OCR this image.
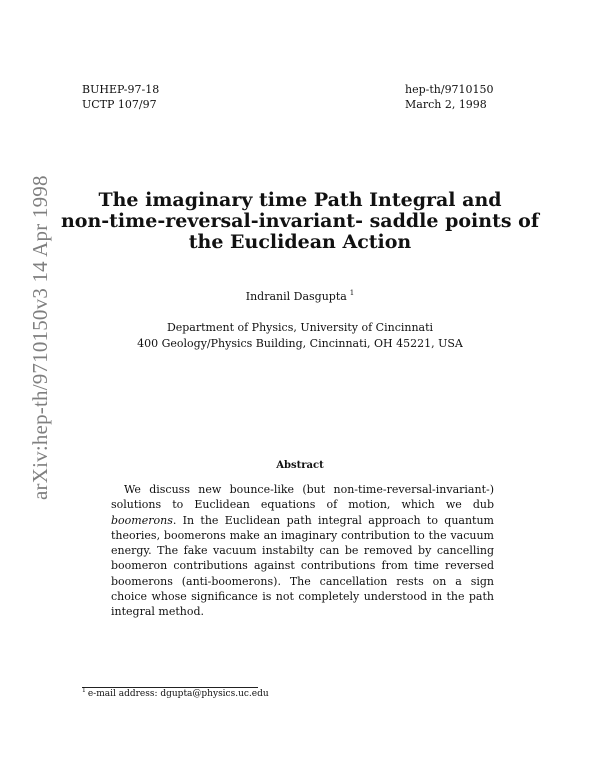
BUHEP-97-18
UCTP 107/97
hep-th/9710150
March 2, 1998
arXiv:hep-th/9710150v3 14 Apr 1998	The imaginary time Path Integral and
non-time-reversal-invariant- saddle points of
the Euclidean Action
Indranil Dasgupta $^1$
Department of Physics, University of Cincinnati
400 Geology/Physics Building, Cincinnati, OH 45221, USA
Abstract
We discuss new bounce-like (but non-time-reversal-invariant-) solutions to Euclidean equations of motion, which we dub boomerons. In the Euclidean path integral approach to quantum theories, boomerons make an imaginary contribution to the vacuum energy. The fake vacuum instabilty can be removed by cancelling boomeron contributions against contributions from time reversed boomerons (anti-boomerons). The cancellation rests on a sign choice whose significance is not completely understood in the path integral method.
$^1$ e-mail address: dgupta@physics.uc.edu
